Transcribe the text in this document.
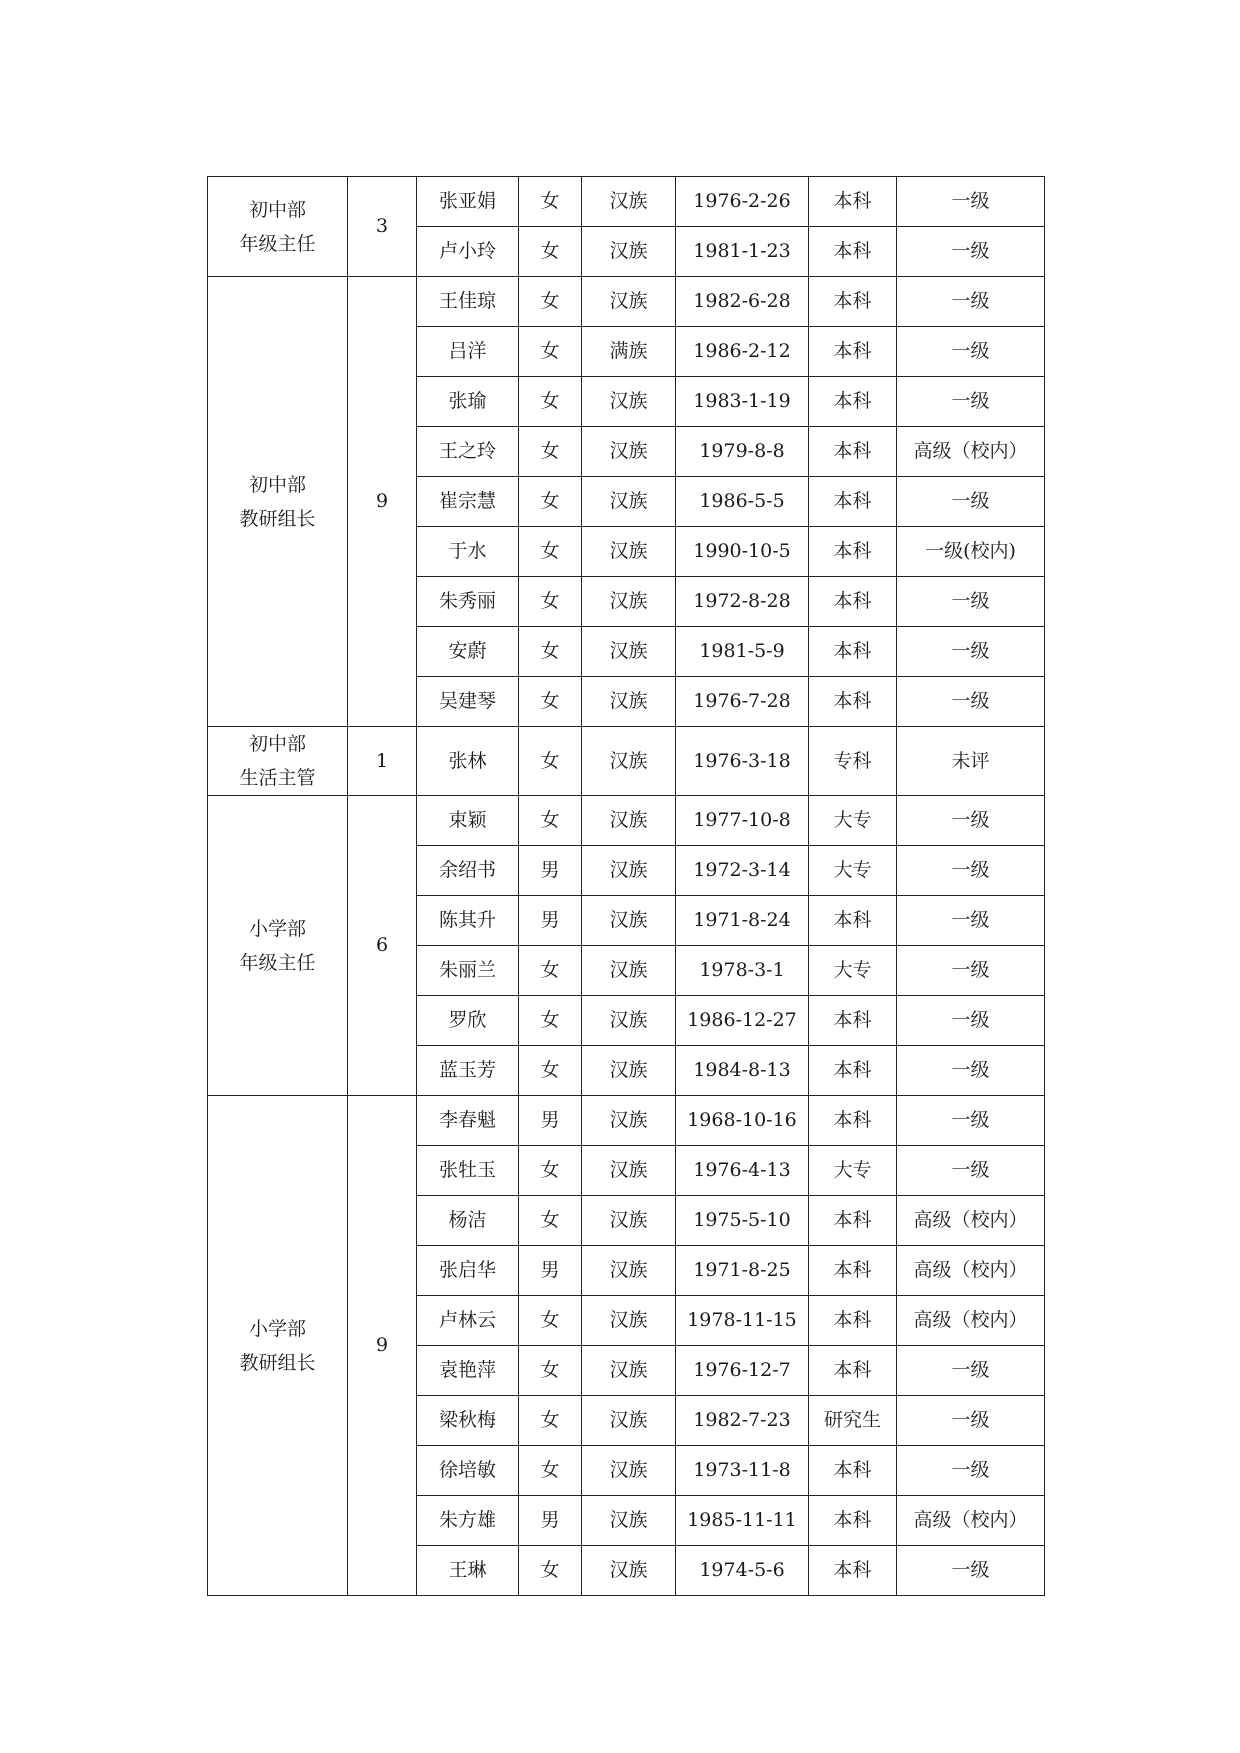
初中部
年级主任	3	张亚娟	女	汉族	1976-2-26	本科	一级
		卢小玲	女	汉族	1981-1-23	本科	一级

初中部
教研组长	9	王佳琼	女	汉族	1982-6-28	本科	一级
		吕洋	女	满族	1986-2-12	本科	一级
		张瑜	女	汉族	1983-1-19	本科	一级
		王之玲	女	汉族	1979-8-8	本科	高级（校内）
		崔宗慧	女	汉族	1986-5-5	本科	一级
		于水	女	汉族	1990-10-5	本科	一级(校内)
		朱秀丽	女	汉族	1972-8-28	本科	一级
		安蔚	女	汉族	1981-5-9	本科	一级
		吴建琴	女	汉族	1976-7-28	本科	一级

初中部
生活主管	1	张林	女	汉族	1976-3-18	专科	未评

小学部
年级主任	6	束颖	女	汉族	1977-10-8	大专	一级
		余绍书	男	汉族	1972-3-14	大专	一级
		陈其升	男	汉族	1971-8-24	本科	一级
		朱丽兰	女	汉族	1978-3-1	大专	一级
		罗欣	女	汉族	1986-12-27	本科	一级
		蓝玉芳	女	汉族	1984-8-13	本科	一级

小学部
教研组长	9	李春魁	男	汉族	1968-10-16	本科	一级
		张牡玉	女	汉族	1976-4-13	大专	一级
		杨洁	女	汉族	1975-5-10	本科	高级（校内）
		张启华	男	汉族	1971-8-25	本科	高级（校内）
		卢林云	女	汉族	1978-11-15	本科	高级（校内）
		袁艳萍	女	汉族	1976-12-7	本科	一级
		梁秋梅	女	汉族	1982-7-23	研究生	一级
		徐培敏	女	汉族	1973-11-8	本科	一级
		朱方雄	男	汉族	1985-11-11	本科	高级（校内）
		王琳	女	汉族	1974-5-6	本科	一级
